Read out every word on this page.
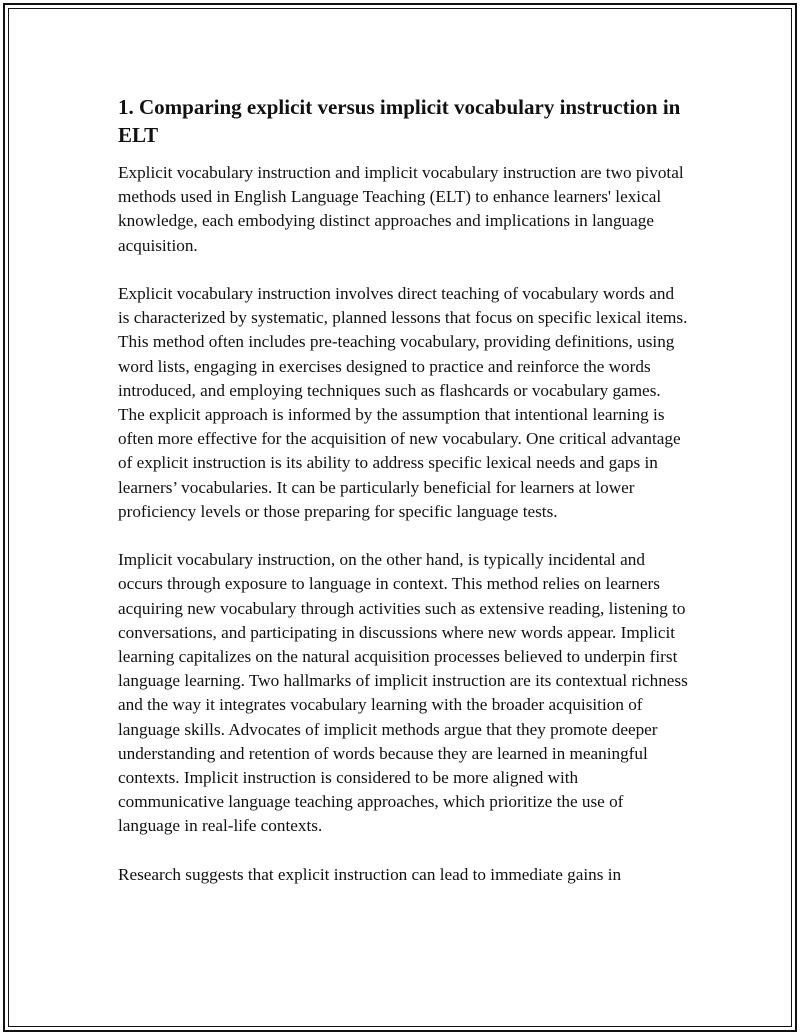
1. Comparing explicit versus implicit vocabulary instruction in ELT

Explicit vocabulary instruction and implicit vocabulary instruction are two pivotal methods used in English Language Teaching (ELT) to enhance learners' lexical knowledge, each embodying distinct approaches and implications in language acquisition.

Explicit vocabulary instruction involves direct teaching of vocabulary words and is characterized by systematic, planned lessons that focus on specific lexical items. This method often includes pre-teaching vocabulary, providing definitions, using word lists, engaging in exercises designed to practice and reinforce the words introduced, and employing techniques such as flashcards or vocabulary games. The explicit approach is informed by the assumption that intentional learning is often more effective for the acquisition of new vocabulary. One critical advantage of explicit instruction is its ability to address specific lexical needs and gaps in learners’ vocabularies. It can be particularly beneficial for learners at lower proficiency levels or those preparing for specific language tests.

Implicit vocabulary instruction, on the other hand, is typically incidental and occurs through exposure to language in context. This method relies on learners acquiring new vocabulary through activities such as extensive reading, listening to conversations, and participating in discussions where new words appear. Implicit learning capitalizes on the natural acquisition processes believed to underpin first language learning. Two hallmarks of implicit instruction are its contextual richness and the way it integrates vocabulary learning with the broader acquisition of language skills. Advocates of implicit methods argue that they promote deeper understanding and retention of words because they are learned in meaningful contexts. Implicit instruction is considered to be more aligned with communicative language teaching approaches, which prioritize the use of language in real-life contexts.

Research suggests that explicit instruction can lead to immediate gains in
